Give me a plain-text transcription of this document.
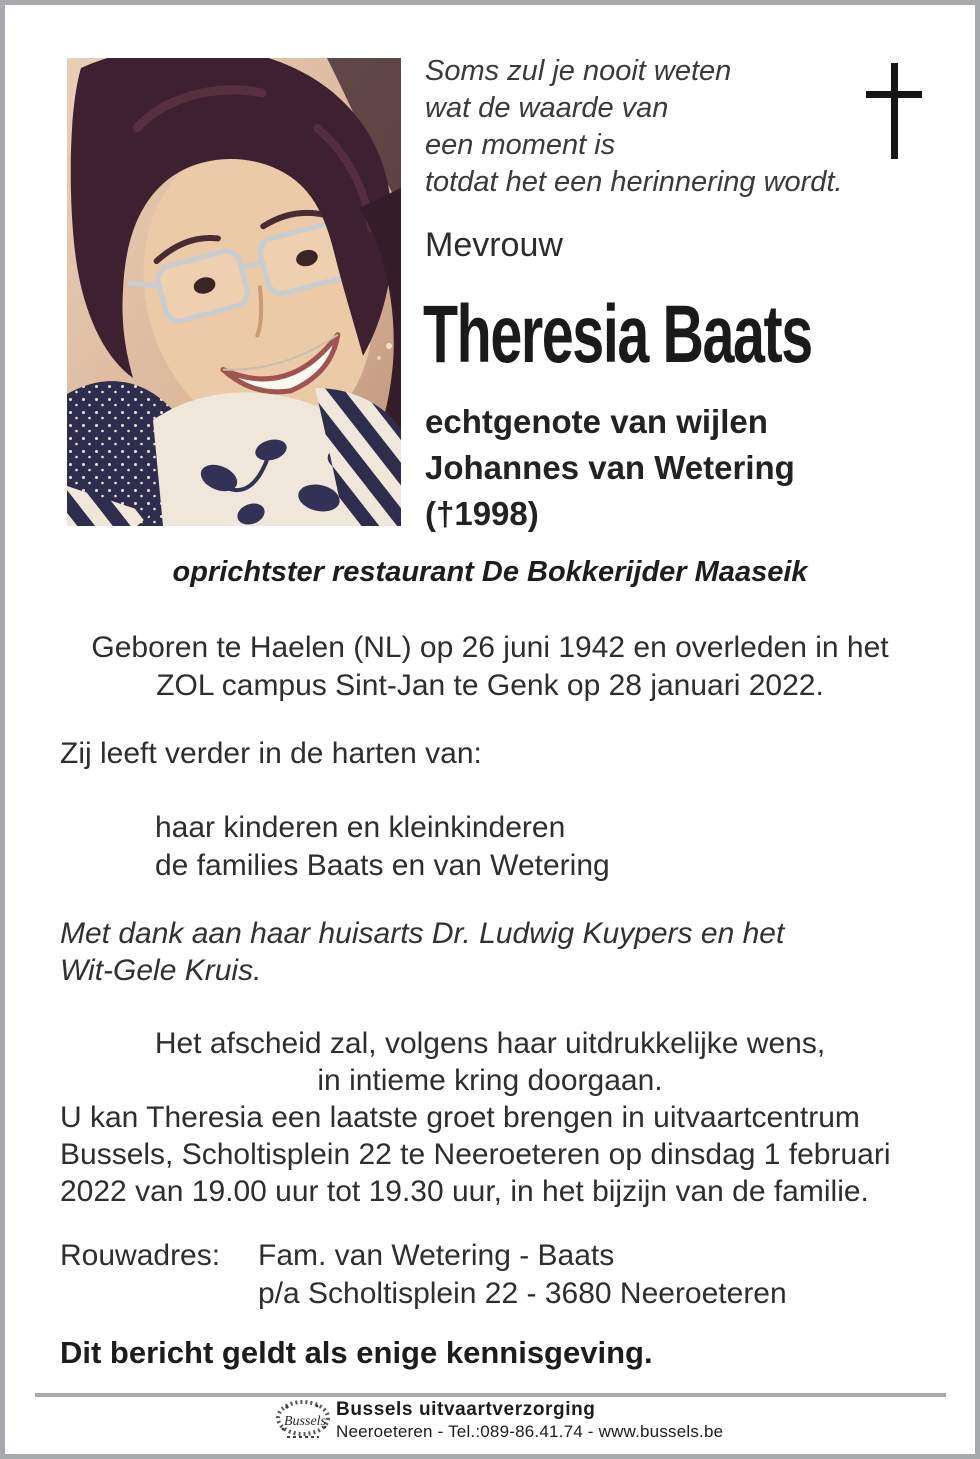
Soms zul je nooit weten
wat de waarde van
een moment is
totdat het een herinnering wordt.
Mevrouw
Theresia Baats
echtgenote van wijlen
Johannes van Wetering
(†1998)
oprichtster restaurant De Bokkerijder Maaseik
Geboren te Haelen (NL) op 26 juni 1942 en overleden in het
ZOL campus Sint-Jan te Genk op 28 januari 2022.
Zij leeft verder in de harten van:
haar kinderen en kleinkinderen
de families Baats en van Wetering
Met dank aan haar huisarts Dr. Ludwig Kuypers en het
Wit-Gele Kruis.
Het afscheid zal, volgens haar uitdrukkelijke wens,
in intieme kring doorgaan.
U kan Theresia een laatste groet brengen in uitvaartcentrum
Bussels, Scholtisplein 22 te Neeroeteren op dinsdag 1 februari
2022 van 19.00 uur tot 19.30 uur, in het bijzijn van de familie.
Rouwadres:	Fam. van Wetering - Baats
p/a Scholtisplein 22 - 3680 Neeroeteren
Dit bericht geldt als enige kennisgeving.
Bussels
Bussels uitvaartverzorging
Neeroeteren - Tel.:089-86.41.74 - www.bussels.be
